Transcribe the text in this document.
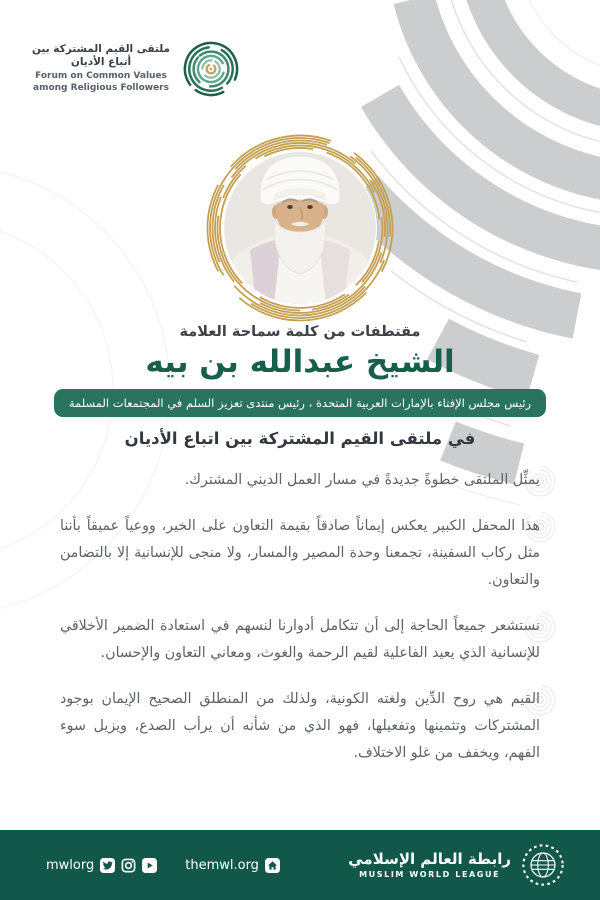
ملتقى القيم المشتركة بين أتباع الأديان
Forum on Common Values among Religious Followers
مقتطفات من كلمة سماحة العلامة
الشيخ عبدالله بن بيه
رئيس مجلس الإفتاء بالإمارات العربية المتحدة ، رئيس منتدى تعزيز السلم في المجتمعات المسلمة
في ملتقى القيم المشتركة بين اتباع الأديان

يمثِّل الملتقى خطوةً جديدةً في مسار العمل الديني المشترك.

هذا المحفل الكبير يعكس إيماناً صادقاً بقيمة التعاون على الخير، ووعياً عميقاً بأننا مثل ركاب السفينة، تجمعنا وحدة المصير والمسار، ولا منجى للإنسانية إلا بالتضامن والتعاون.

نستشعر جميعاً الحاجة إلى أن تتكامل أدوارنا لنسهم في استعادة الضمير الأخلاقي للإنسانية الذي يعيد الفاعلية لقيم الرحمة والغوث، ومعاني التعاون والإحسان.

القيم هي روح الدِّين ولغته الكونية، ولذلك من المنطلق الصحيح الإيمان بوجود المشتركات وتثمينها وتفعيلها، فهو الذي من شأنه أن يرأب الصدع، ويزيل سوء الفهم، ويخفف من غلو الاختلاف.

mwlorg	themwl.org	رابطة العالم الإسلامي
MUSLIM WORLD LEAGUE
